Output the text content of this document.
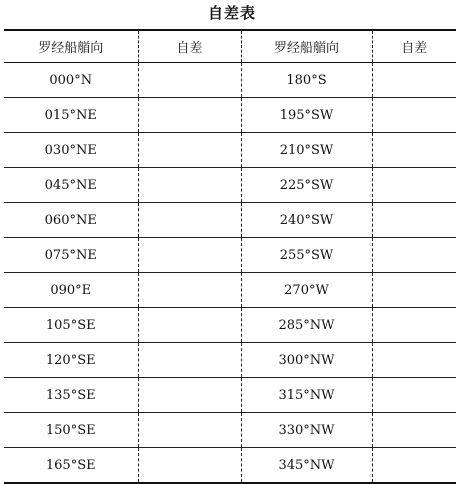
自差表
罗经船艏向	自差	罗经船艏向	自差
000°N		180°S	
015°NE		195°SW	
030°NE		210°SW	
045°NE		225°SW	
060°NE		240°SW	
075°NE		255°SW	
090°E		270°W	
105°SE		285°NW	
120°SE		300°NW	
135°SE		315°NW	
150°SE		330°NW	
165°SE		345°NW	
